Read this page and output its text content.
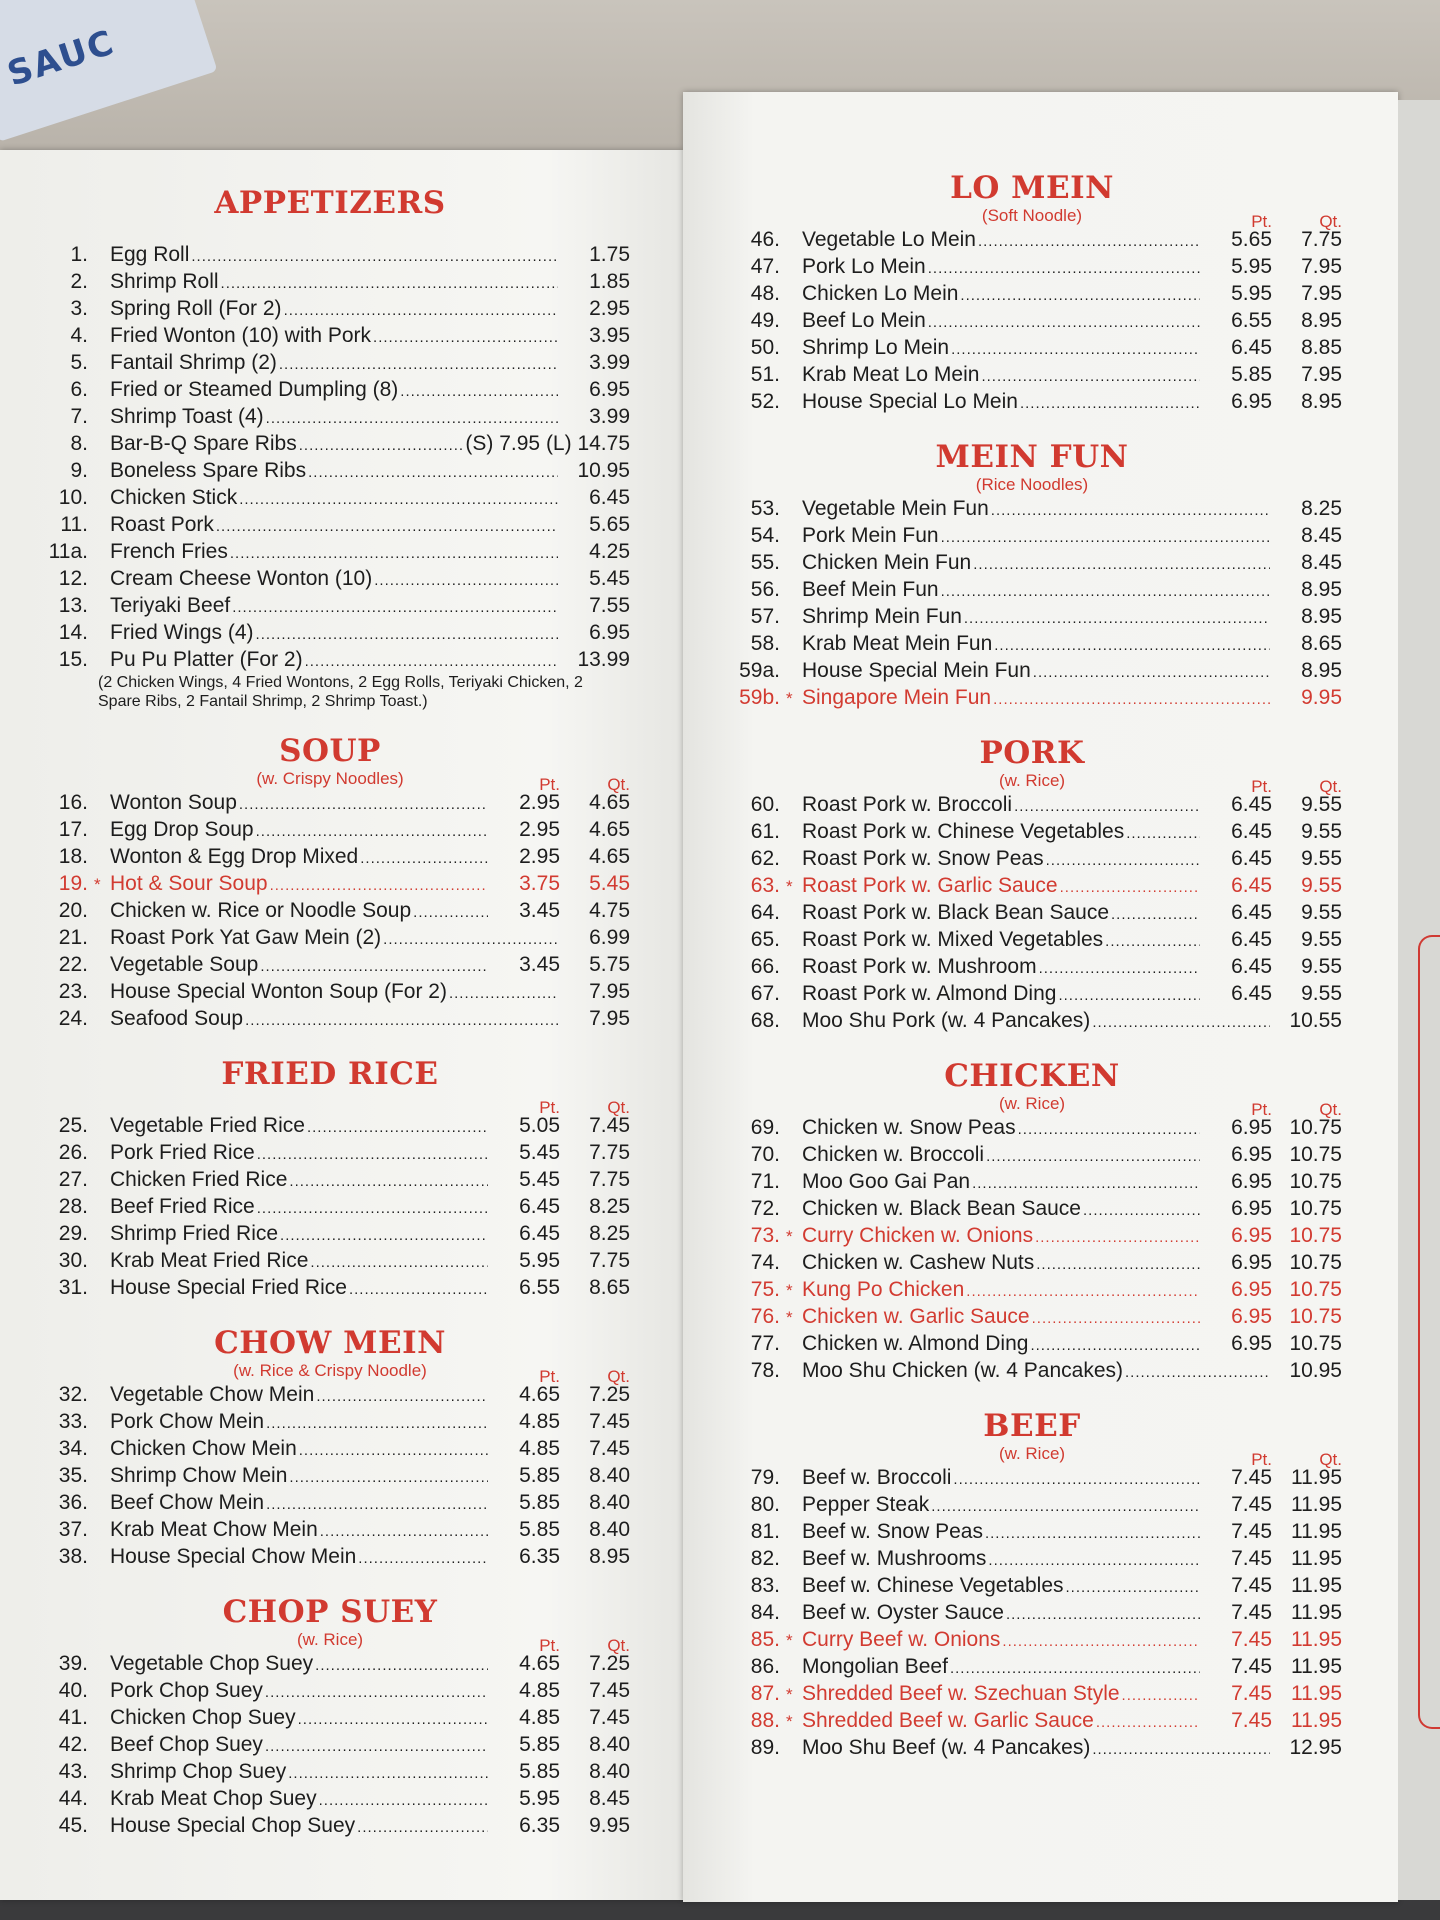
SAUC
APPETIZERS
1. Egg Roll .....	1.75
2. Shrimp Roll .....	1.85
3. Spring Roll (For 2) .....	2.95
4. Fried Wonton (10) with Pork .....	3.95
5. Fantail Shrimp (2) .....	3.99
6. Fried or Steamed Dumpling (8) .....	6.95
7. Shrimp Toast (4) .....	3.99
8. Bar-B-Q Spare Ribs .....	(S) 7.95 (L) 14.75
9. Boneless Spare Ribs .....	10.95
10. Chicken Stick .....	6.45
11. Roast Pork .....	5.65
11a. French Fries .....	4.25
12. Cream Cheese Wonton (10) .....	5.45
13. Teriyaki Beef .....	7.55
14. Fried Wings (4) .....	6.95
15. Pu Pu Platter (For 2) .....	13.99
(2 Chicken Wings, 4 Fried Wontons, 2 Egg Rolls, Teriyaki Chicken, 2 Spare Ribs, 2 Fantail Shrimp, 2 Shrimp Toast.)
SOUP
(w. Crispy Noodles)	Pt.	Qt.
16. Wonton Soup .....	2.95	4.65
17. Egg Drop Soup .....	2.95	4.65
18. Wonton & Egg Drop Mixed .....	2.95	4.65
19. * Hot & Sour Soup .....	3.75	5.45
20. Chicken w. Rice or Noodle Soup .....	3.45	4.75
21. Roast Pork Yat Gaw Mein (2) .....	6.99
22. Vegetable Soup .....	3.45	5.75
23. House Special Wonton Soup (For 2) .....	7.95
24. Seafood Soup .....	7.95
FRIED RICE
Pt.	Qt.
25. Vegetable Fried Rice .....	5.05	7.45
26. Pork Fried Rice .....	5.45	7.75
27. Chicken Fried Rice .....	5.45	7.75
28. Beef Fried Rice .....	6.45	8.25
29. Shrimp Fried Rice .....	6.45	8.25
30. Krab Meat Fried Rice .....	5.95	7.75
31. House Special Fried Rice .....	6.55	8.65
CHOW MEIN
(w. Rice & Crispy Noodle)	Pt.	Qt.
32. Vegetable Chow Mein .....	4.65	7.25
33. Pork Chow Mein .....	4.85	7.45
34. Chicken Chow Mein .....	4.85	7.45
35. Shrimp Chow Mein .....	5.85	8.40
36. Beef Chow Mein .....	5.85	8.40
37. Krab Meat Chow Mein .....	5.85	8.40
38. House Special Chow Mein .....	6.35	8.95
CHOP SUEY
(w. Rice)	Pt.	Qt.
39. Vegetable Chop Suey .....	4.65	7.25
40. Pork Chop Suey .....	4.85	7.45
41. Chicken Chop Suey .....	4.85	7.45
42. Beef Chop Suey .....	5.85	8.40
43. Shrimp Chop Suey .....	5.85	8.40
44. Krab Meat Chop Suey .....	5.95	8.45
45. House Special Chop Suey .....	6.35	9.95
LO MEIN
(Soft Noodle)	Pt.	Qt.
46. Vegetable Lo Mein .....	5.65	7.75
47. Pork Lo Mein .....	5.95	7.95
48. Chicken Lo Mein .....	5.95	7.95
49. Beef Lo Mein .....	6.55	8.95
50. Shrimp Lo Mein .....	6.45	8.85
51. Krab Meat Lo Mein .....	5.85	7.95
52. House Special Lo Mein .....	6.95	8.95
MEIN FUN
(Rice Noodles)
53. Vegetable Mein Fun .....	8.25
54. Pork Mein Fun .....	8.45
55. Chicken Mein Fun .....	8.45
56. Beef Mein Fun .....	8.95
57. Shrimp Mein Fun .....	8.95
58. Krab Meat Mein Fun .....	8.65
59a. House Special Mein Fun .....	8.95
59b. * Singapore Mein Fun .....	9.95
PORK
(w. Rice)	Pt.	Qt.
60. Roast Pork w. Broccoli .....	6.45	9.55
61. Roast Pork w. Chinese Vegetables .....	6.45	9.55
62. Roast Pork w. Snow Peas .....	6.45	9.55
63. * Roast Pork w. Garlic Sauce .....	6.45	9.55
64. Roast Pork w. Black Bean Sauce .....	6.45	9.55
65. Roast Pork w. Mixed Vegetables .....	6.45	9.55
66. Roast Pork w. Mushroom .....	6.45	9.55
67. Roast Pork w. Almond Ding .....	6.45	9.55
68. Moo Shu Pork (w. 4 Pancakes) .....	10.55
CHICKEN
(w. Rice)	Pt.	Qt.
69. Chicken w. Snow Peas .....	6.95 10.75
70. Chicken w. Broccoli .....	6.95 10.75
71. Moo Goo Gai Pan .....	6.95 10.75
72. Chicken w. Black Bean Sauce .....	6.95 10.75
73. * Curry Chicken w. Onions .....	6.95 10.75
74. Chicken w. Cashew Nuts .....	6.95 10.75
75. * Kung Po Chicken .....	6.95 10.75
76. * Chicken w. Garlic Sauce .....	6.95 10.75
77. Chicken w. Almond Ding .....	6.95 10.75
78. Moo Shu Chicken (w. 4 Pancakes) .....	10.95
BEEF
(w. Rice)	Pt.	Qt.
79. Beef w. Broccoli .....	7.45 11.95
80. Pepper Steak .....	7.45 11.95
81. Beef w. Snow Peas .....	7.45 11.95
82. Beef w. Mushrooms .....	7.45 11.95
83. Beef w. Chinese Vegetables .....	7.45 11.95
84. Beef w. Oyster Sauce .....	7.45 11.95
85. * Curry Beef w. Onions .....	7.45 11.95
86. Mongolian Beef .....	7.45 11.95
87. * Shredded Beef w. Szechuan Style .....	7.45 11.95
88. * Shredded Beef w. Garlic Sauce .....	7.45 11.95
89. Moo Shu Beef (w. 4 Pancakes) .....	12.95
